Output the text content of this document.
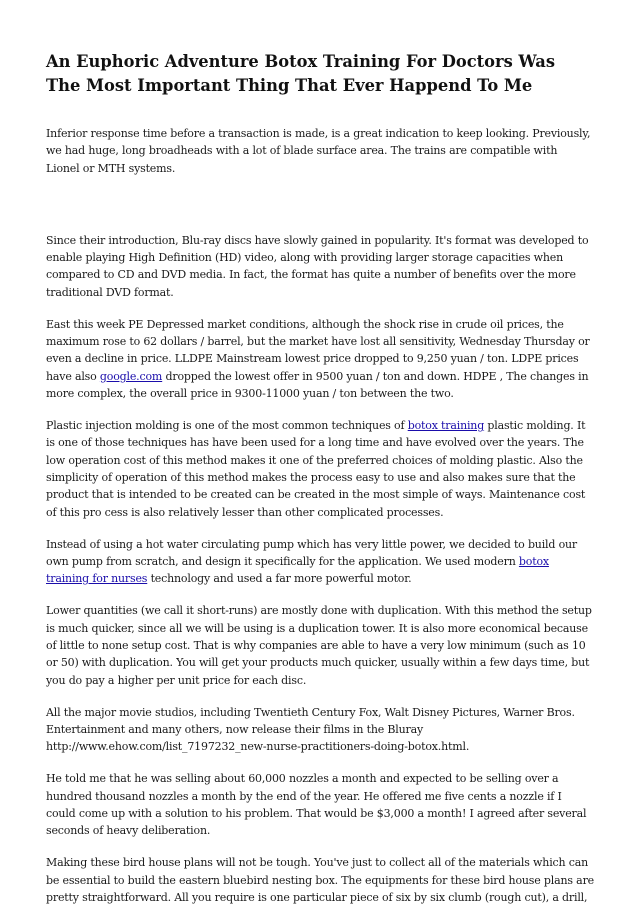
An Euphoric Adventure Botox Training For Doctors Was The Most Important Thing That Ever Happend To Me

Inferior response time before a transaction is made, is a great indication to keep looking. Previously, we had huge, long broadheads with a lot of blade surface area. The trains are compatible with Lionel or MTH systems.

Since their introduction, Blu-ray discs have slowly gained in popularity. It's format was developed to enable playing High Definition (HD) video, along with providing larger storage capacities when compared to CD and DVD media. In fact, the format has quite a number of benefits over the more traditional DVD format.

East this week PE Depressed market conditions, although the shock rise in crude oil prices, the maximum rose to 62 dollars / barrel, but the market have lost all sensitivity, Wednesday Thursday or even a decline in price. LLDPE Mainstream lowest price dropped to 9,250 yuan / ton. LDPE prices have also google.com dropped the lowest offer in 9500 yuan / ton and down. HDPE , The changes in more complex, the overall price in 9300-11000 yuan / ton between the two.

Plastic injection molding is one of the most common techniques of botox training plastic molding. It is one of those techniques has have been used for a long time and have evolved over the years. The low operation cost of this method makes it one of the preferred choices of molding plastic. Also the simplicity of operation of this method makes the process easy to use and also makes sure that the product that is intended to be created can be created in the most simple of ways. Maintenance cost of this pro cess is also relatively lesser than other complicated processes.

Instead of using a hot water circulating pump which has very little power, we decided to build our own pump from scratch, and design it specifically for the application. We used modern botox training for nurses technology and used a far more powerful motor.

Lower quantities (we call it short-runs) are mostly done with duplication. With this method the setup is much quicker, since all we will be using is a duplication tower. It is also more economical because of little to none setup cost. That is why companies are able to have a very low minimum (such as 10 or 50) with duplication. You will get your products much quicker, usually within a few days time, but you do pay a higher per unit price for each disc.

All the major movie studios, including Twentieth Century Fox, Walt Disney Pictures, Warner Bros. Entertainment and many others, now release their films in the Bluray http://www.ehow.com/list_7197232_new-nurse-practitioners-doing-botox.html.

He told me that he was selling about 60,000 nozzles a month and expected to be selling over a hundred thousand nozzles a month by the end of the year. He offered me five cents a nozzle if I could come up with a solution to his problem. That would be $3,000 a month! I agreed after several seconds of heavy deliberation.

Making these bird house plans will not be tough. You've just to collect all of the materials which can be essential to build the eastern bluebird nesting box. The equipments for these bird house plans are pretty straightforward. All you require is one particular piece of six by six clumb (rough cut), a drill,
